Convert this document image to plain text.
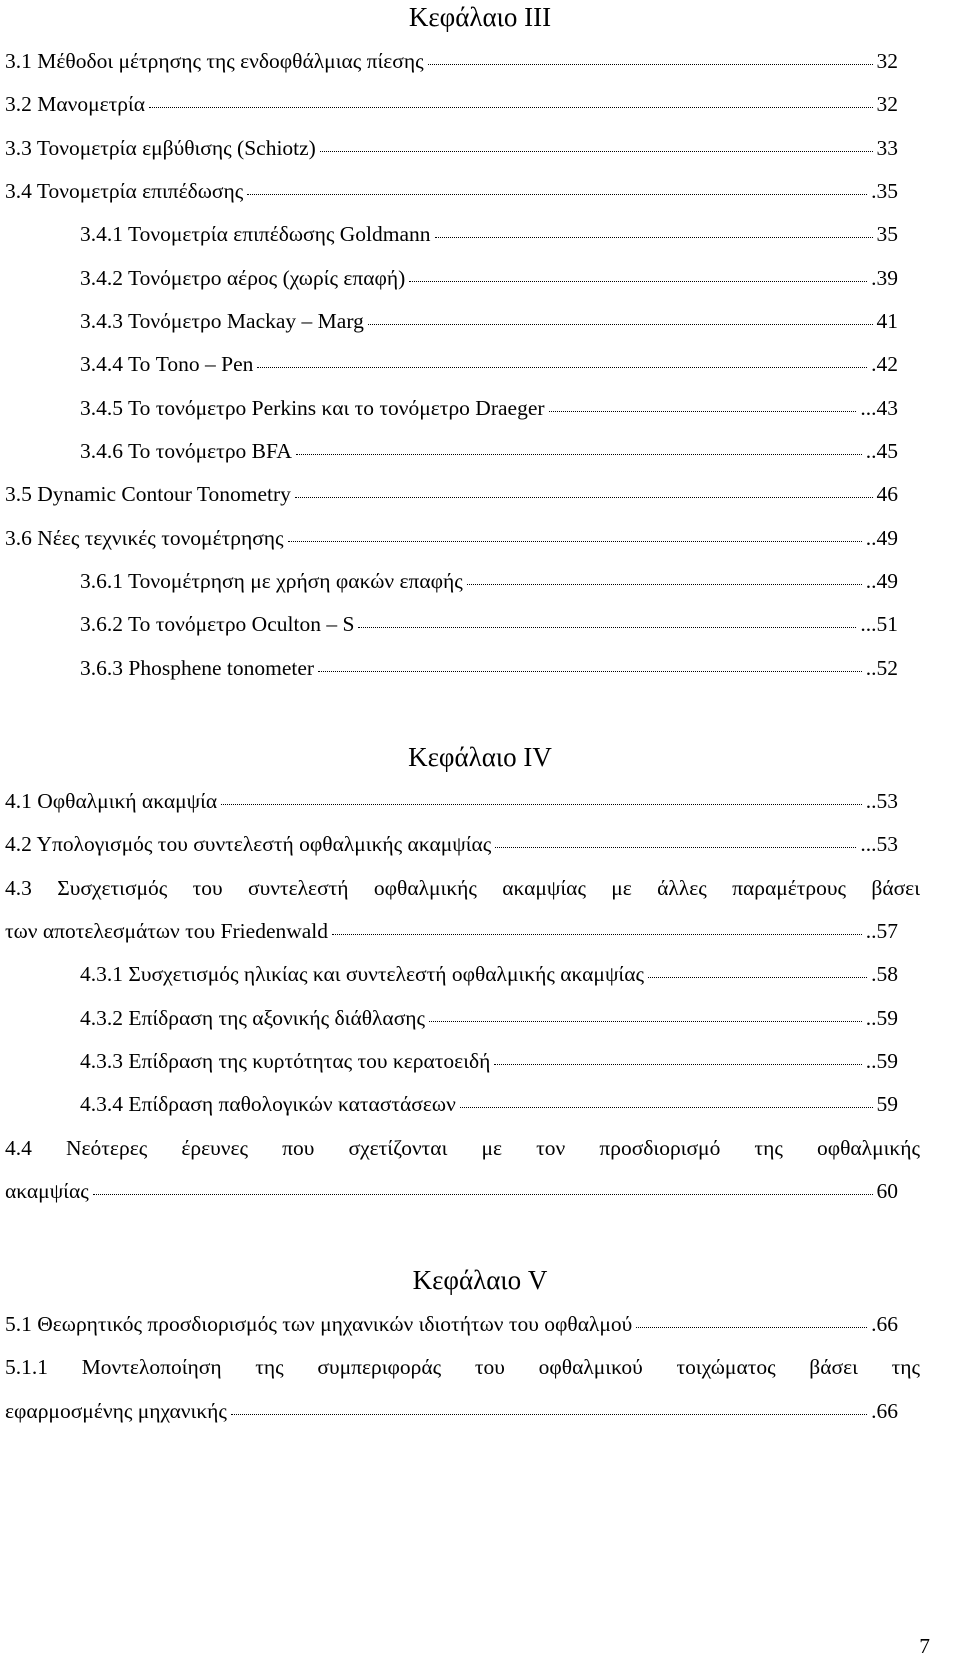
Κεφάλαιο ΙΙΙ
3.1 Μέθοδοι μέτρησης της ενδοφθάλμιας πίεσης	32
3.2 Μανομετρία	32
3.3 Τονομετρία εμβύθισης (Schiotz)	33
3.4 Τονομετρία επιπέδωσης	.35
3.4.1 Τονομετρία επιπέδωσης Goldmann	35
3.4.2 Τονόμετρο αέρος (χωρίς επαφή)	.39
3.4.3 Τονόμετρο Mackay – Marg	41
3.4.4 Το Tono – Pen	.42
3.4.5 Το τονόμετρο Perkins και το τονόμετρο Draeger	...43
3.4.6 Το τονόμετρο BFA	..45
3.5 Dynamic Contour Tonometry	46
3.6 Νέες τεχνικές τονομέτρησης	..49
3.6.1 Τονομέτρηση με χρήση φακών επαφής	..49
3.6.2 Το τονόμετρο Oculton – S	...51
3.6.3 Phosphene tonometer	..52
Κεφάλαιο ΙV
4.1 Οφθαλμική ακαμψία	..53
4.2 Υπολογισμός του συντελεστή οφθαλμικής ακαμψίας	...53
4.3 Συσχετισμός του συντελεστή οφθαλμικής ακαμψίας με άλλες παραμέτρους βάσει
των αποτελεσμάτων του Friedenwald	..57
4.3.1 Συσχετισμός ηλικίας και συντελεστή οφθαλμικής ακαμψίας	.58
4.3.2 Επίδραση της αξονικής διάθλασης	..59
4.3.3 Επίδραση της κυρτότητας του κερατοειδή	..59
4.3.4 Επίδραση παθολογικών καταστάσεων	59
4.4 Νεότερες έρευνες που σχετίζονται με τον προσδιορισμό της οφθαλμικής
ακαμψίας	60
Κεφάλαιο V
5.1 Θεωρητικός προσδιορισμός των μηχανικών ιδιοτήτων του οφθαλμού	.66
5.1.1 Μοντελοποίηση της συμπεριφοράς του οφθαλμικού τοιχώματος βάσει της
εφαρμοσμένης μηχανικής	.66
7
